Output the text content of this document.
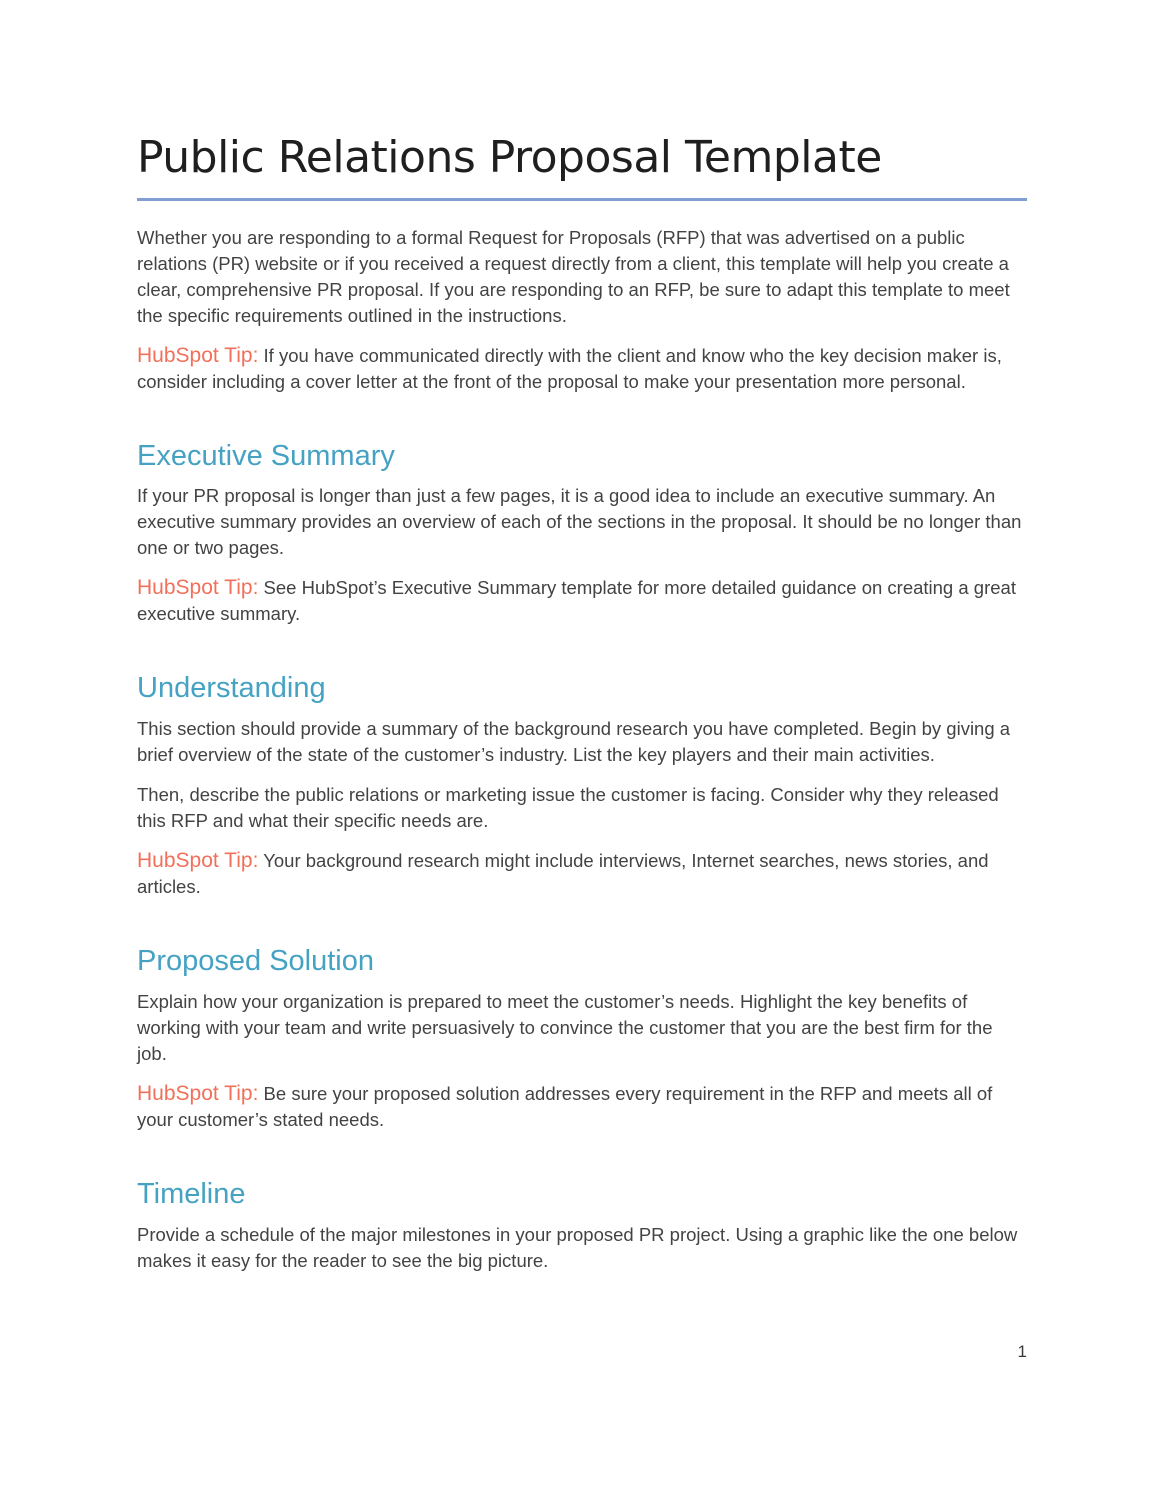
Public Relations Proposal Template

Whether you are responding to a formal Request for Proposals (RFP) that was advertised on a public relations (PR) website or if you received a request directly from a client, this template will help you create a clear, comprehensive PR proposal. If you are responding to an RFP, be sure to adapt this template to meet the specific requirements outlined in the instructions.

HubSpot Tip: If you have communicated directly with the client and know who the key decision maker is, consider including a cover letter at the front of the proposal to make your presentation more personal.

Executive Summary

If your PR proposal is longer than just a few pages, it is a good idea to include an executive summary. An executive summary provides an overview of each of the sections in the proposal. It should be no longer than one or two pages.

HubSpot Tip: See HubSpot’s Executive Summary template for more detailed guidance on creating a great executive summary.

Understanding

This section should provide a summary of the background research you have completed. Begin by giving a brief overview of the state of the customer’s industry. List the key players and their main activities.

Then, describe the public relations or marketing issue the customer is facing. Consider why they released this RFP and what their specific needs are.

HubSpot Tip: Your background research might include interviews, Internet searches, news stories, and articles.

Proposed Solution

Explain how your organization is prepared to meet the customer’s needs. Highlight the key benefits of working with your team and write persuasively to convince the customer that you are the best firm for the job.

HubSpot Tip: Be sure your proposed solution addresses every requirement in the RFP and meets all of your customer’s stated needs.

Timeline

Provide a schedule of the major milestones in your proposed PR project. Using a graphic like the one below makes it easy for the reader to see the big picture.

1
